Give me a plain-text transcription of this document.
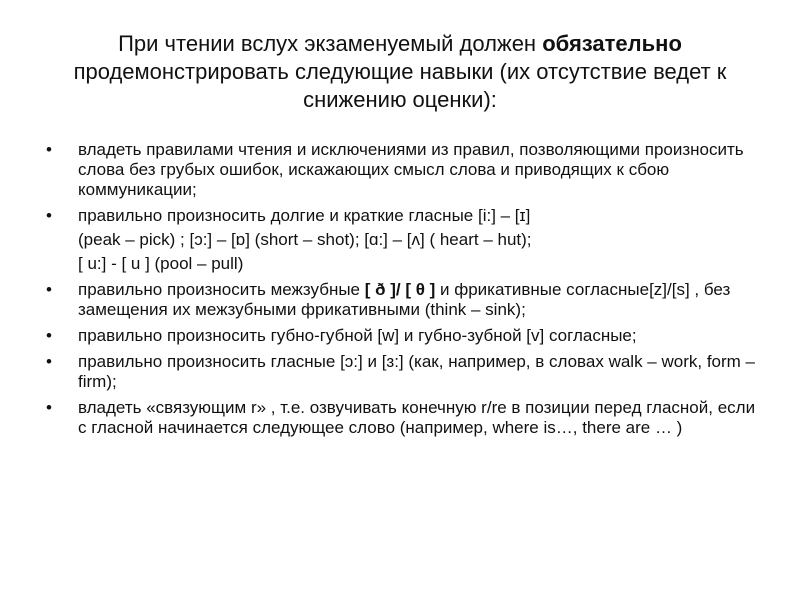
При чтении вслух экзаменуемый должен обязательно
продемонстрировать следующие навыки (их отсутствие ведет к снижению оценки):
• владеть правилами чтения и исключениями из правил, позволяющими произносить слова без грубых ошибок, искажающих смысл слова и приводящих к сбою коммуникации;
• правильно произносить долгие и краткие гласные [i:] – [ɪ]
(peak – pick) ; [ɔ:] – [ɒ] (short – shot); [ɑ:] – [ʌ] ( heart – hut);
[ u:] - [ u ] (pool – pull)
• правильно произносить межзубные [ ð ]/ [ θ ] и фрикативные согласные[z]/[s] , без замещения их межзубными фрикативными (think – sink);
• правильно произносить губно-губной [w] и губно-зубной [v] согласные;
• правильно произносить гласные [ɔ:] и [ɜ:] (как, например, в словах walk – work, form – firm);
• владеть «связующим r» , т.е. озвучивать конечную r/re в позиции перед гласной, если с гласной начинается следующее слово (например, where is…, there are … )
